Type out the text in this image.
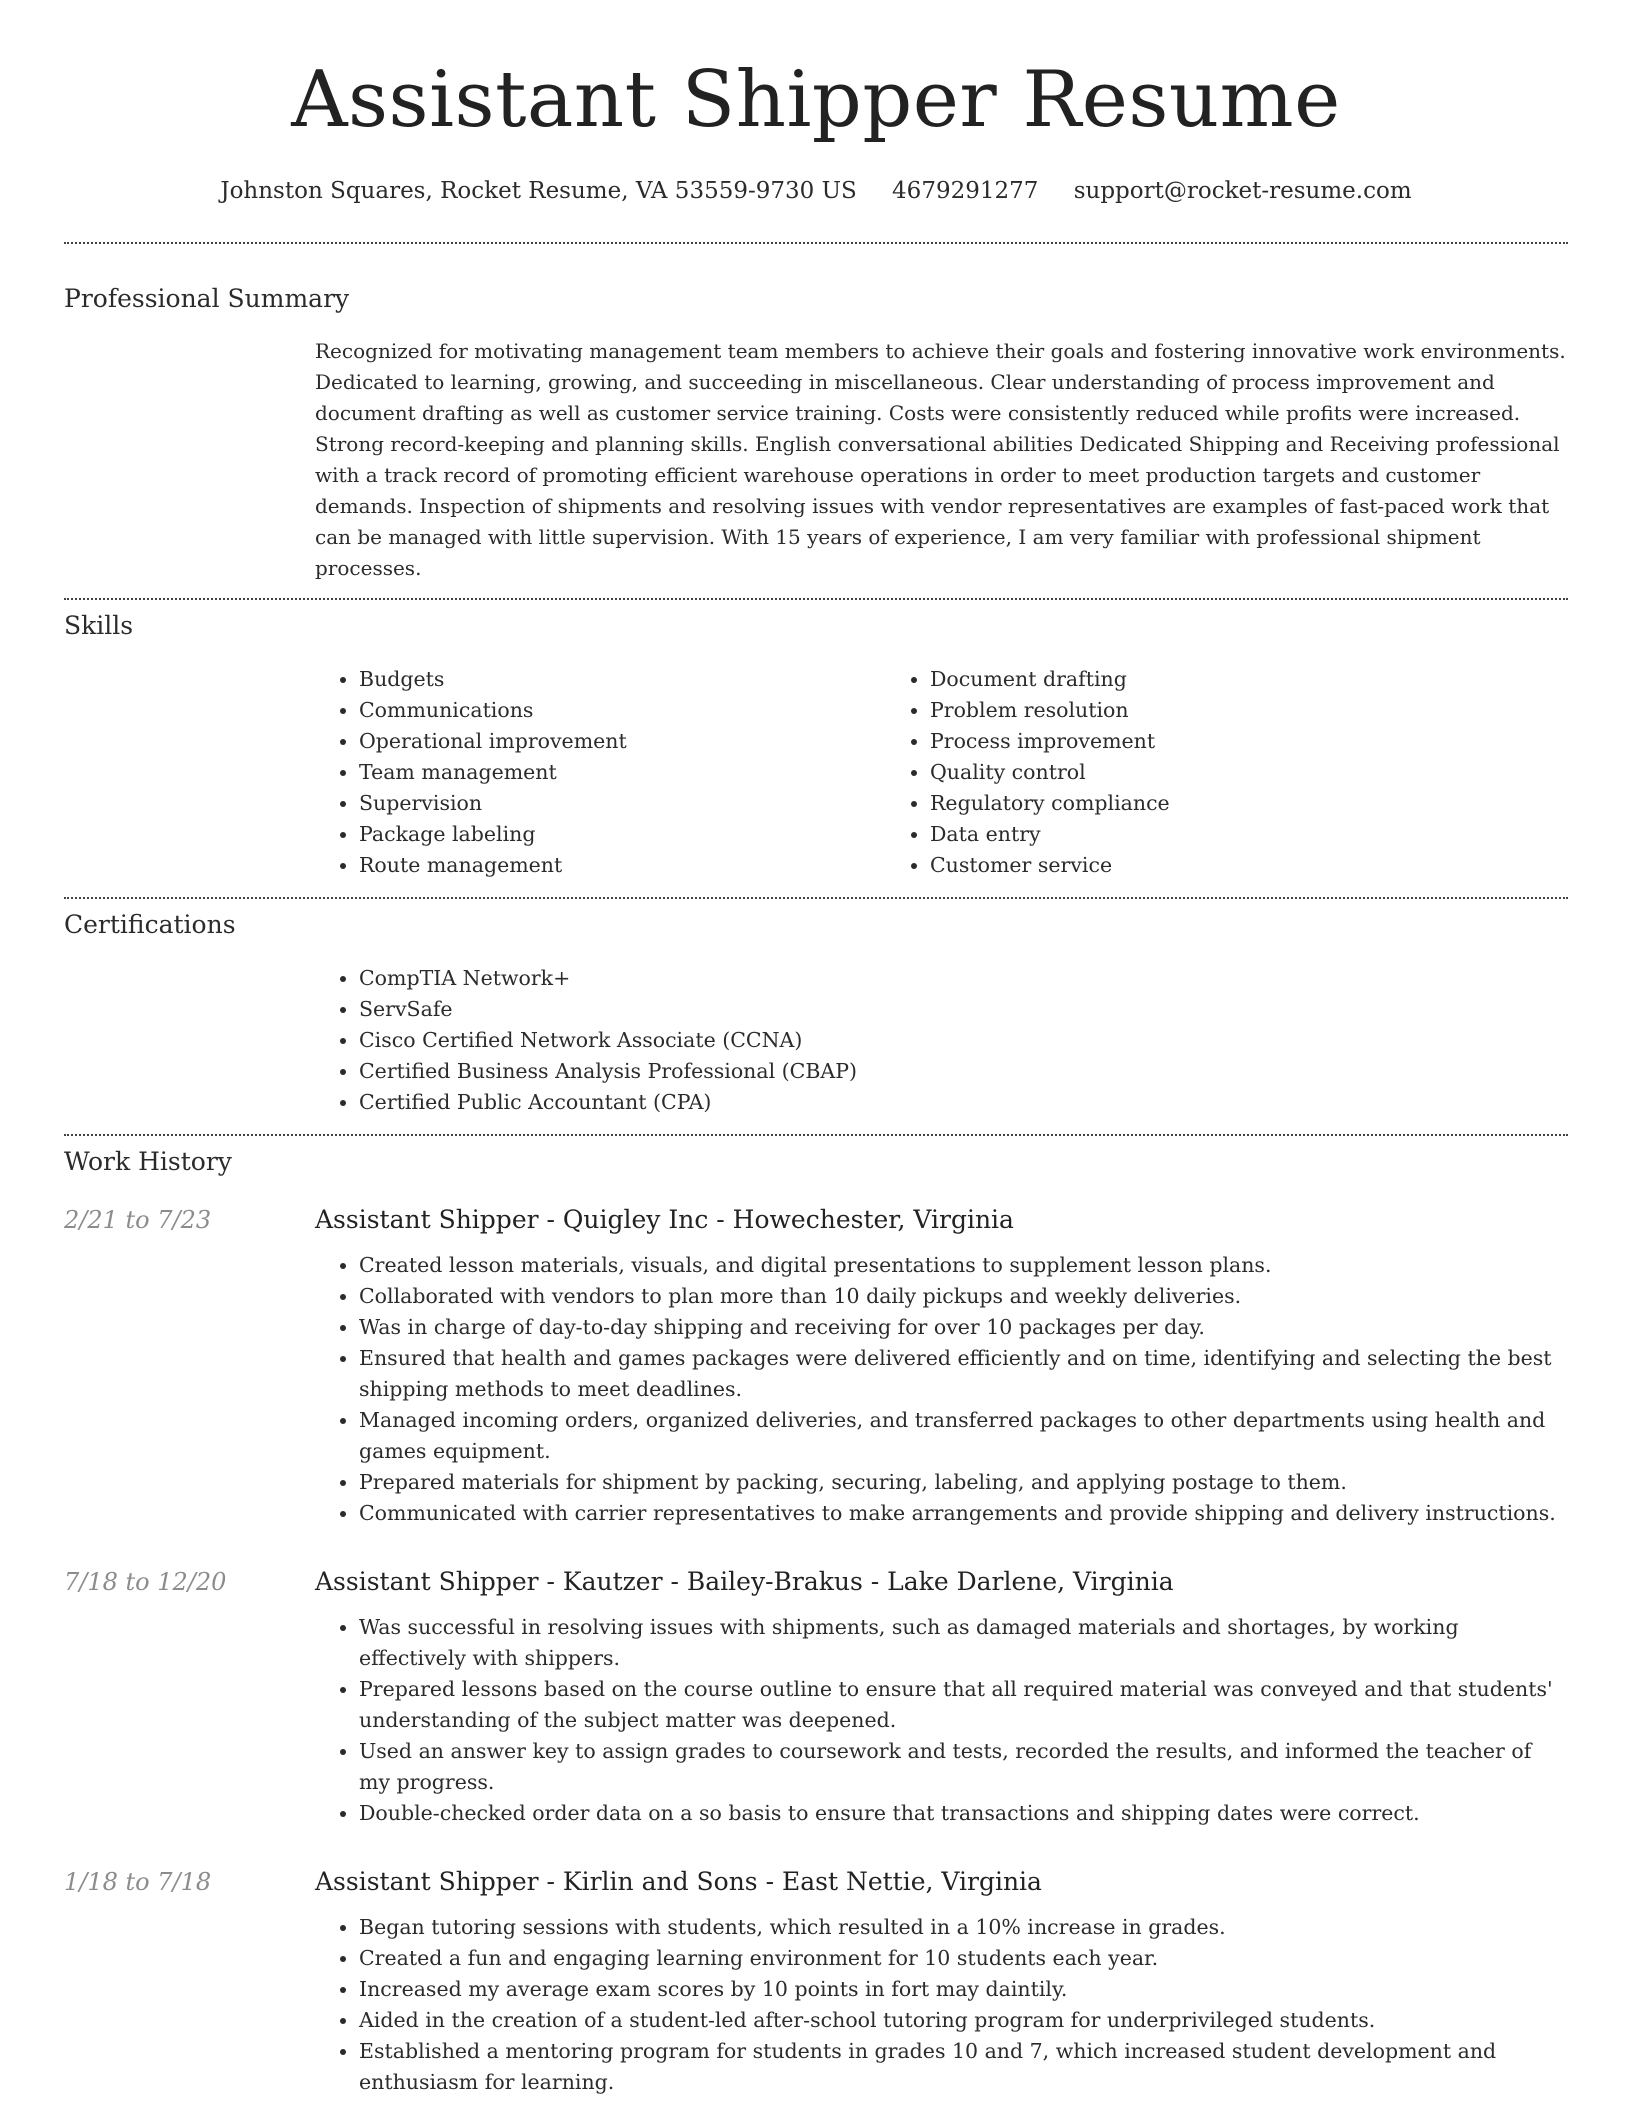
Assistant Shipper Resume
Johnston Squares, Rocket Resume, VA 53559-9730 US 4679291277 support@rocket-resume.com
Professional Summary

Recognized for motivating management team members to achieve their goals and fostering innovative work environments. Dedicated to learning, growing, and succeeding in miscellaneous. Clear understanding of process improvement and document drafting as well as customer service training. Costs were consistently reduced while profits were increased. Strong record-keeping and planning skills. English conversational abilities Dedicated Shipping and Receiving professional with a track record of promoting efficient warehouse operations in order to meet production targets and customer demands. Inspection of shipments and resolving issues with vendor representatives are examples of fast-paced work that can be managed with little supervision. With 15 years of experience, I am very familiar with professional shipment processes.

Skills
• Budgets
• Communications
• Operational improvement
• Team management
• Supervision
• Package labeling
• Route management
• Document drafting
• Problem resolution
• Process improvement
• Quality control
• Regulatory compliance
• Data entry
• Customer service
Certifications
• CompTIA Network+
• ServSafe
• Cisco Certified Network Associate (CCNA)
• Certified Business Analysis Professional (CBAP)
• Certified Public Accountant (CPA)
Work History
2/21 to 7/23	Assistant Shipper - Quigley Inc - Howechester, Virginia
• Created lesson materials, visuals, and digital presentations to supplement lesson plans.
• Collaborated with vendors to plan more than 10 daily pickups and weekly deliveries.
• Was in charge of day-to-day shipping and receiving for over 10 packages per day.
• Ensured that health and games packages were delivered efficiently and on time, identifying and selecting the best shipping methods to meet deadlines.
• Managed incoming orders, organized deliveries, and transferred packages to other departments using health and games equipment.
• Prepared materials for shipment by packing, securing, labeling, and applying postage to them.
• Communicated with carrier representatives to make arrangements and provide shipping and delivery instructions.
7/18 to 12/20	Assistant Shipper - Kautzer - Bailey-Brakus - Lake Darlene, Virginia
• Was successful in resolving issues with shipments, such as damaged materials and shortages, by working effectively with shippers.
• Prepared lessons based on the course outline to ensure that all required material was conveyed and that students' understanding of the subject matter was deepened.
• Used an answer key to assign grades to coursework and tests, recorded the results, and informed the teacher of my progress.
• Double-checked order data on a so basis to ensure that transactions and shipping dates were correct.
1/18 to 7/18	Assistant Shipper - Kirlin and Sons - East Nettie, Virginia
• Began tutoring sessions with students, which resulted in a 10% increase in grades.
• Created a fun and engaging learning environment for 10 students each year.
• Increased my average exam scores by 10 points in fort may daintily.
• Aided in the creation of a student-led after-school tutoring program for underprivileged students.
• Established a mentoring program for students in grades 10 and 7, which increased student development and enthusiasm for learning.
